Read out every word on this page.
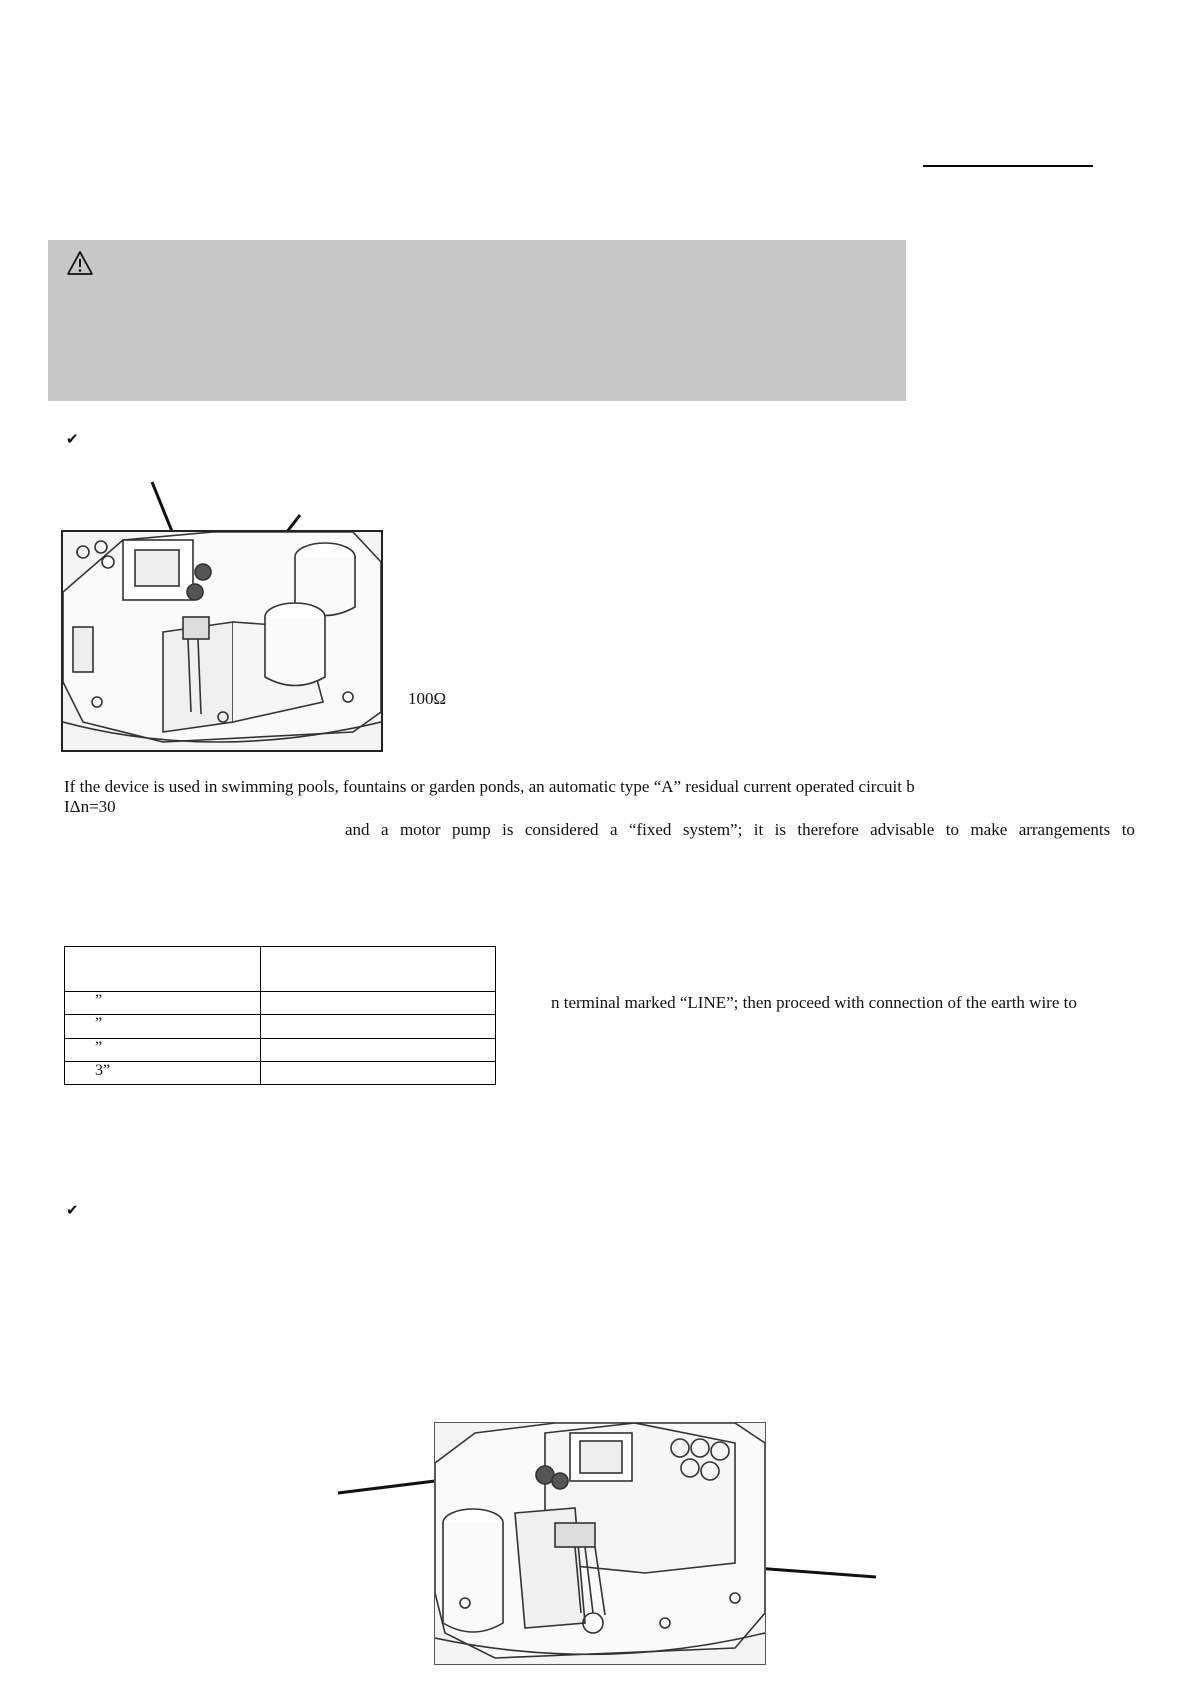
✔
100Ω
If the device is used in swimming pools, fountains or garden ponds, an automatic type “A” residual current operated circuit b
IΔn=30
and a motor pump is considered a “fixed system”; it is therefore advisable to make arrangements to

”	
”	
”	
3”	
n terminal marked “LINE”; then proceed with connection of the earth wire to
✔
